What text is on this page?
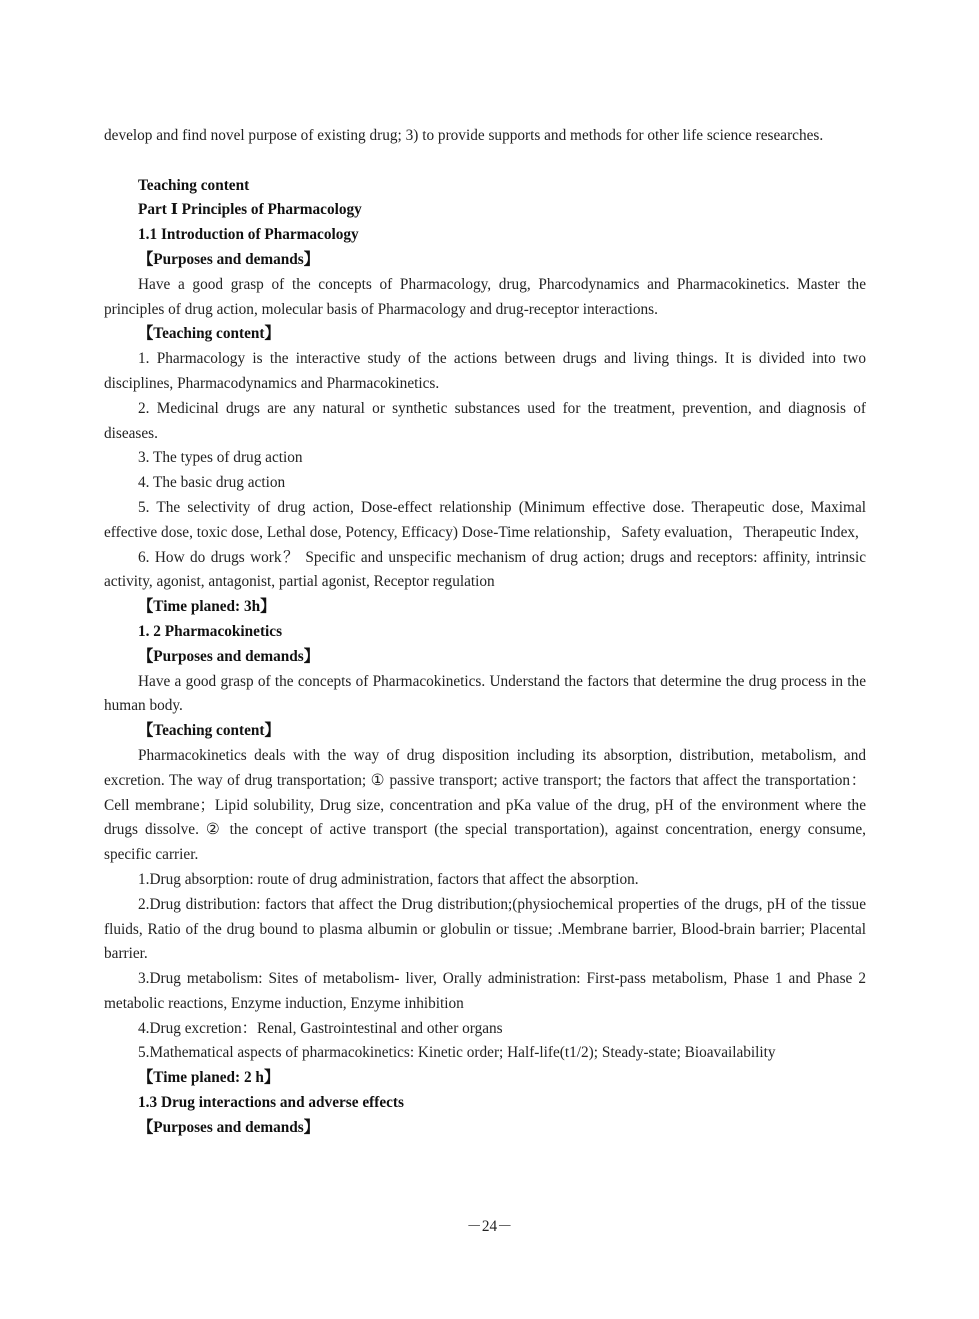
develop and find novel purpose of existing drug; 3) to provide supports and methods for other life science researches.

Teaching content

Part Ⅰ Principles of Pharmacology

1.1 Introduction of Pharmacology

【Purposes and demands】

Have a good grasp of the concepts of Pharmacology, drug, Pharcodynamics and Pharmacokinetics. Master the principles of drug action, molecular basis of Pharmacology and drug-receptor interactions.

【Teaching content】

1. Pharmacology is the interactive study of the actions between drugs and living things. It is divided into two disciplines, Pharmacodynamics and Pharmacokinetics.

2. Medicinal drugs are any natural or synthetic substances used for the treatment, prevention, and diagnosis of diseases.

3. The types of drug action

4. The basic drug action

5. The selectivity of drug action, Dose-effect relationship (Minimum effective dose. Therapeutic dose, Maximal effective dose, toxic dose, Lethal dose, Potency, Efficacy) Dose-Time relationship，Safety evaluation，Therapeutic Index,

6. How do drugs work？ Specific and unspecific mechanism of drug action; drugs and receptors: affinity, intrinsic activity, agonist, antagonist, partial agonist, Receptor regulation

【Time planed: 3h】

1. 2 Pharmacokinetics

【Purposes and demands】

Have a good grasp of the concepts of Pharmacokinetics. Understand the factors that determine the drug process in the human body.

【Teaching content】

Pharmacokinetics deals with the way of drug disposition including its absorption, distribution, metabolism, and excretion. The way of drug transportation; ① passive transport; active transport; the factors that affect the transportation：Cell membrane；Lipid solubility, Drug size, concentration and pKa value of the drug, pH of the environment where the drugs dissolve. ② the concept of active transport (the special transportation), against concentration, energy consume, specific carrier.

1.Drug absorption: route of drug administration, factors that affect the absorption.

2.Drug distribution: factors that affect the Drug distribution;(physiochemical properties of the drugs, pH of the tissue fluids, Ratio of the drug bound to plasma albumin or globulin or tissue; .Membrane barrier, Blood-brain barrier; Placental barrier.

3.Drug metabolism: Sites of metabolism- liver, Orally administration: First-pass metabolism, Phase 1 and Phase 2 metabolic reactions, Enzyme induction, Enzyme inhibition

4.Drug excretion：Renal, Gastrointestinal and other organs

5.Mathematical aspects of pharmacokinetics: Kinetic order; Half-life(t1/2); Steady-state; Bioavailability

【Time planed: 2 h】

1.3 Drug interactions and adverse effects

【Purposes and demands】

－24－
